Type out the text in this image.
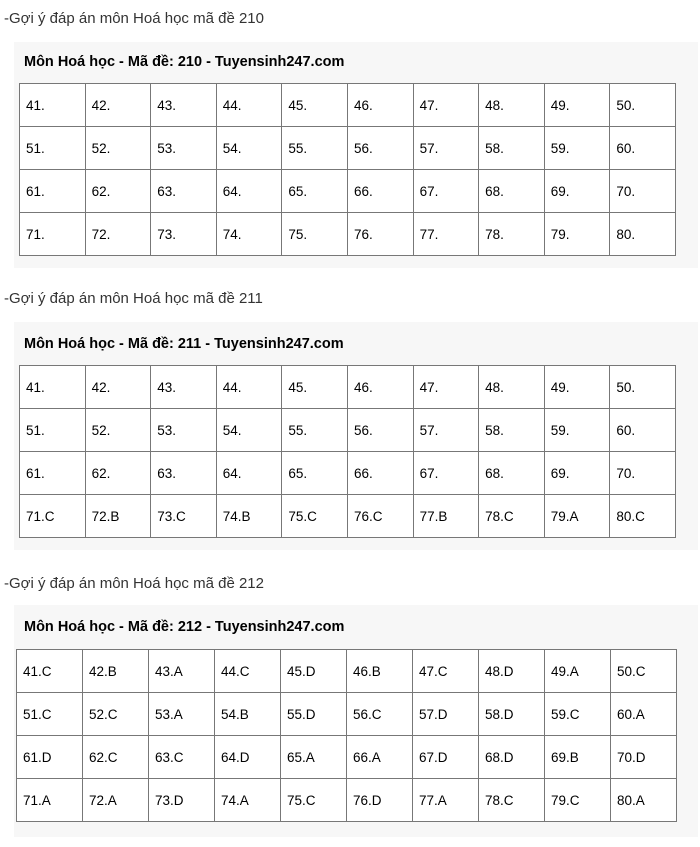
-Gợi ý đáp án môn Hoá học mã đề 210
Môn Hoá học - Mã đề: 210 - Tuyensinh247.com
41.	42.	43.	44.	45.	46.	47.	48.	49.	50.
51.	52.	53.	54.	55.	56.	57.	58.	59.	60.
61.	62.	63.	64.	65.	66.	67.	68.	69.	70.
71.	72.	73.	74.	75.	76.	77.	78.	79.	80.
-Gợi ý đáp án môn Hoá học mã đề 211
Môn Hoá học - Mã đề: 211 - Tuyensinh247.com
41.	42.	43.	44.	45.	46.	47.	48.	49.	50.
51.	52.	53.	54.	55.	56.	57.	58.	59.	60.
61.	62.	63.	64.	65.	66.	67.	68.	69.	70.
71.C	72.B	73.C	74.B	75.C	76.C	77.B	78.C	79.A	80.C
-Gợi ý đáp án môn Hoá học mã đề 212
Môn Hoá học - Mã đề: 212 - Tuyensinh247.com
41.C	42.B	43.A	44.C	45.D	46.B	47.C	48.D	49.A	50.C
51.C	52.C	53.A	54.B	55.D	56.C	57.D	58.D	59.C	60.A
61.D	62.C	63.C	64.D	65.A	66.A	67.D	68.D	69.B	70.D
71.A	72.A	73.D	74.A	75.C	76.D	77.A	78.C	79.C	80.A
